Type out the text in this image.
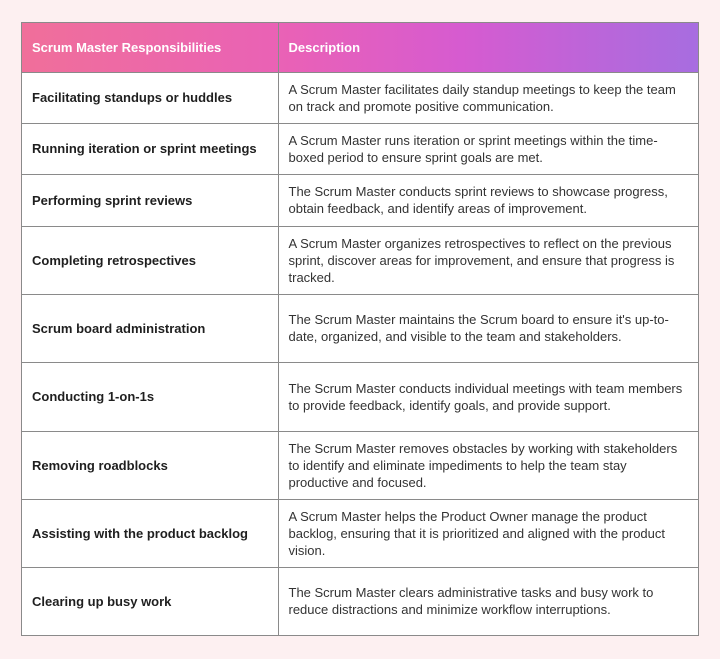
Scrum Master Responsibilities	Description
Facilitating standups or huddles	A Scrum Master facilitates daily standup meetings to keep the team on track and promote positive communication.
Running iteration or sprint meetings	A Scrum Master runs iteration or sprint meetings within the time-boxed period to ensure sprint goals are met.
Performing sprint reviews	The Scrum Master conducts sprint reviews to showcase progress, obtain feedback, and identify areas of improvement.
Completing retrospectives	A Scrum Master organizes retrospectives to reflect on the previous sprint, discover areas for improvement, and ensure that progress is tracked.
Scrum board administration	The Scrum Master maintains the Scrum board to ensure it's up-to-date, organized, and visible to the team and stakeholders.
Conducting 1-on-1s	The Scrum Master conducts individual meetings with team members to provide feedback, identify goals, and provide support.
Removing roadblocks	The Scrum Master removes obstacles by working with stakeholders to identify and eliminate impediments to help the team stay productive and focused.
Assisting with the product backlog	A Scrum Master helps the Product Owner manage the product backlog, ensuring that it is prioritized and aligned with the product vision.
Clearing up busy work	The Scrum Master clears administrative tasks and busy work to reduce distractions and minimize workflow interruptions.
